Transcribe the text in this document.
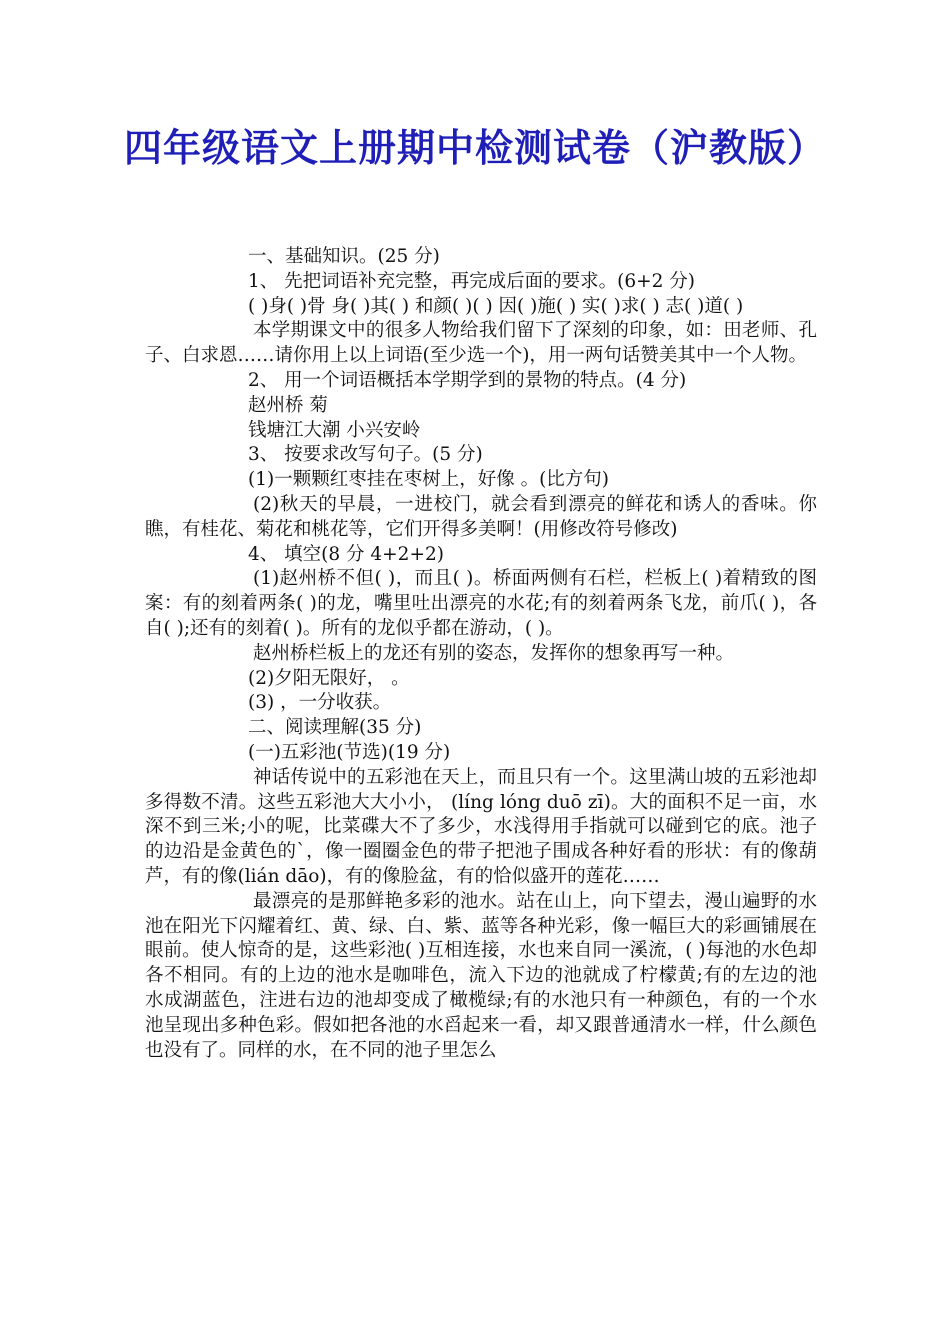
四年级语文上册期中检测试卷（沪教版）

一、基础知识。(25 分)

1、 先把词语补充完整，再完成后面的要求。(6+2 分)

( )身( )骨 身( )其( ) 和颜( )( ) 因( )施( ) 实( )求( ) 志( )道( )

本学期课文中的很多人物给我们留下了深刻的印象，如：田老师、孔子、白求恩……请你用上以上词语(至少选一个)，用一两句话赞美其中一个人物。

2、 用一个词语概括本学期学到的景物的特点。(4 分)

赵州桥 菊

钱塘江大潮 小兴安岭

3、 按要求改写句子。(5 分)

(1)一颗颗红枣挂在枣树上，好像 。(比方句)

(2)秋天的早晨，一进校门，就会看到漂亮的鲜花和诱人的香味。你瞧，有桂花、菊花和桃花等，它们开得多美啊！(用修改符号修改)

4、 填空(8 分 4+2+2)

(1)赵州桥不但( )，而且( )。桥面两侧有石栏，栏板上( )着精致的图案：有的刻着两条( )的龙，嘴里吐出漂亮的水花;有的刻着两条飞龙，前爪( )，各自( );还有的刻着( )。所有的龙似乎都在游动，( )。

赵州桥栏板上的龙还有别的姿态，发挥你的想象再写一种。

(2)夕阳无限好， 。

(3) ，一分收获。

二、阅读理解(35 分)

(一)五彩池(节选)(19 分)

神话传说中的五彩池在天上，而且只有一个。这里满山坡的五彩池却多得数不清。这些五彩池大大小小， (líng lóng duō zī)。大的面积不足一亩，水深不到三米;小的呢，比菜碟大不了多少，水浅得用手指就可以碰到它的底。池子的边沿是金黄色的`，像一圈圈金色的带子把池子围成各种好看的形状：有的像葫芦，有的像(lián dāo)，有的像脸盆，有的恰似盛开的莲花……

最漂亮的是那鲜艳多彩的池水。站在山上，向下望去，漫山遍野的水池在阳光下闪耀着红、黄、绿、白、紫、蓝等各种光彩，像一幅巨大的彩画铺展在眼前。使人惊奇的是，这些彩池( )互相连接，水也来自同一溪流，( )每池的水色却各不相同。有的上边的池水是咖啡色，流入下边的池就成了柠檬黄;有的左边的池水成湖蓝色，注进右边的池却变成了橄榄绿;有的水池只有一种颜色，有的一个水池呈现出多种色彩。假如把各池的水舀起来一看，却又跟普通清水一样，什么颜色也没有了。同样的水，在不同的池子里怎么
